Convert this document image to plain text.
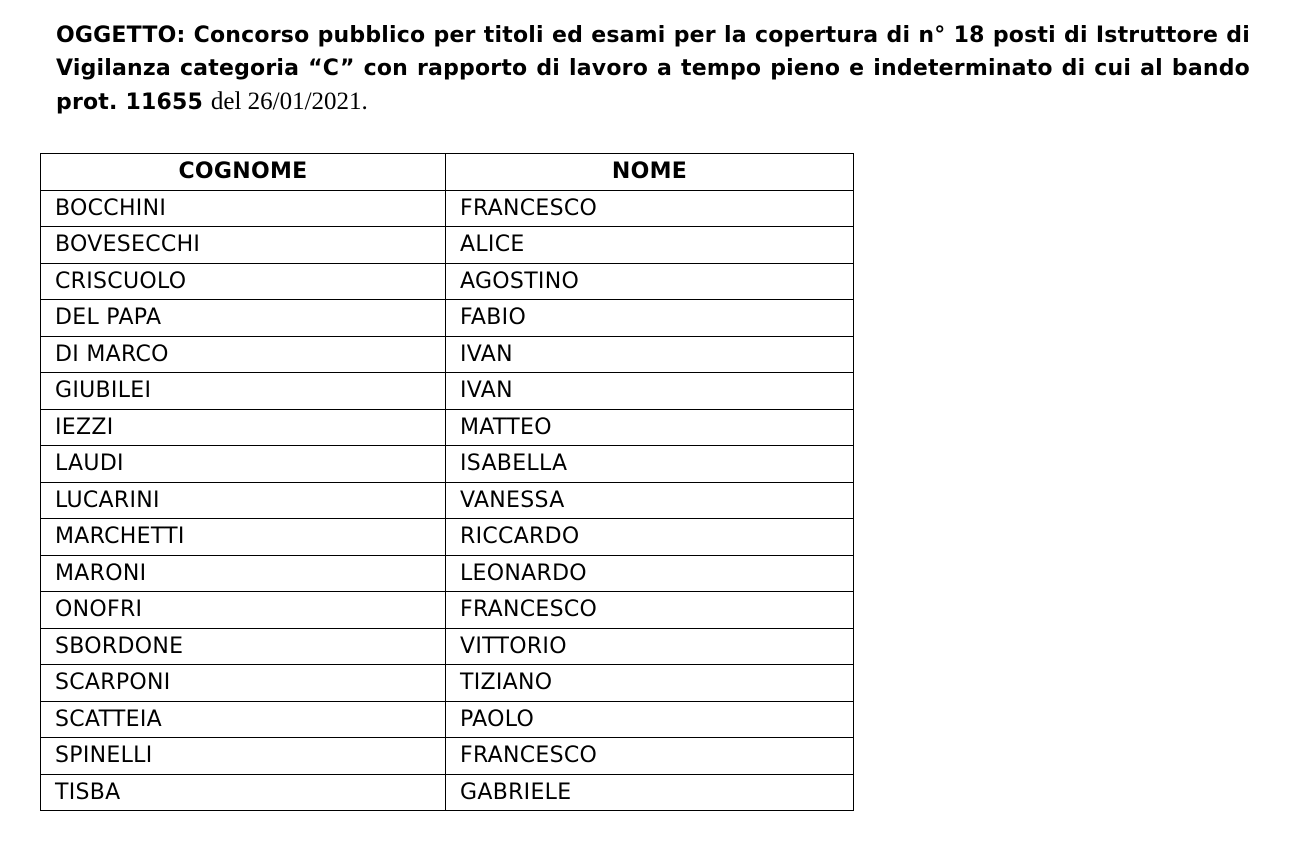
OGGETTO: Concorso pubblico per titoli ed esami per la copertura di n° 18 posti di Istruttore di Vigilanza categoria “C” con rapporto di lavoro a tempo pieno e indeterminato di cui al bando prot. 11655 del 26/01/2021.
COGNOME	NOME
BOCCHINI	FRANCESCO
BOVESECCHI	ALICE
CRISCUOLO	AGOSTINO
DEL PAPA	FABIO
DI MARCO	IVAN
GIUBILEI	IVAN
IEZZI	MATTEO
LAUDI	ISABELLA
LUCARINI	VANESSA
MARCHETTI	RICCARDO
MARONI	LEONARDO
ONOFRI	FRANCESCO
SBORDONE	VITTORIO
SCARPONI	TIZIANO
SCATTEIA	PAOLO
SPINELLI	FRANCESCO
TISBA	GABRIELE
